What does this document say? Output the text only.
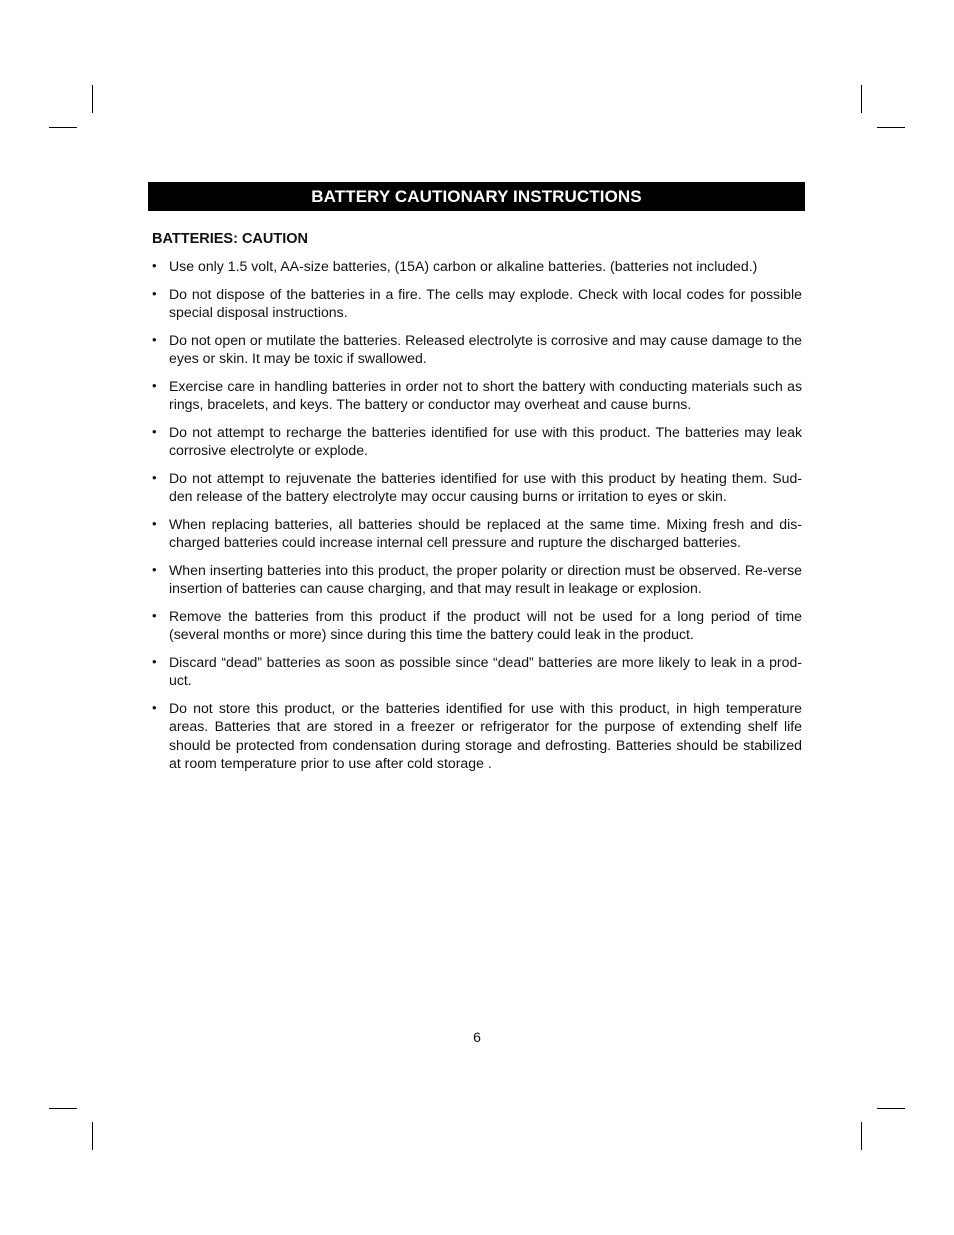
BATTERY CAUTIONARY INSTRUCTIONS
BATTERIES: CAUTION
• Use only 1.5 volt, AA-size batteries, (15A) carbon or alkaline batteries. (batteries not included.)
• Do not dispose of the batteries in a fire. The cells may explode. Check with local codes for possible special disposal instructions.
• Do not open or mutilate the batteries. Released electrolyte is corrosive and may cause damage to the eyes or skin. It may be toxic if swallowed.
• Exercise care in handling batteries in order not to short the battery with conducting materials such as rings, bracelets, and keys. The battery or conductor may overheat and cause burns.
• Do not attempt to recharge the batteries identified for use with this product. The batteries may leak corrosive electrolyte or explode.
• Do not attempt to rejuvenate the batteries identified for use with this product by heating them. Sud-den release of the battery electrolyte may occur causing burns or irritation to eyes or skin.
• When replacing batteries, all batteries should be replaced at the same time. Mixing fresh and dis-charged batteries could increase internal cell pressure and rupture the discharged batteries.
• When inserting batteries into this product, the proper polarity or direction must be observed. Re-verse insertion of batteries can cause charging, and that may result in leakage or explosion.
• Remove the batteries from this product if the product will not be used for a long period of time (several months or more) since during this time the battery could leak in the product.
• Discard “dead” batteries as soon as possible since “dead” batteries are more likely to leak in a prod-uct.
• Do not store this product, or the batteries identified for use with this product, in high temperature areas. Batteries that are stored in a freezer or refrigerator for the purpose of extending shelf life should be protected from condensation during storage and defrosting. Batteries should be stabilized at room temperature prior to use after cold storage .
6
